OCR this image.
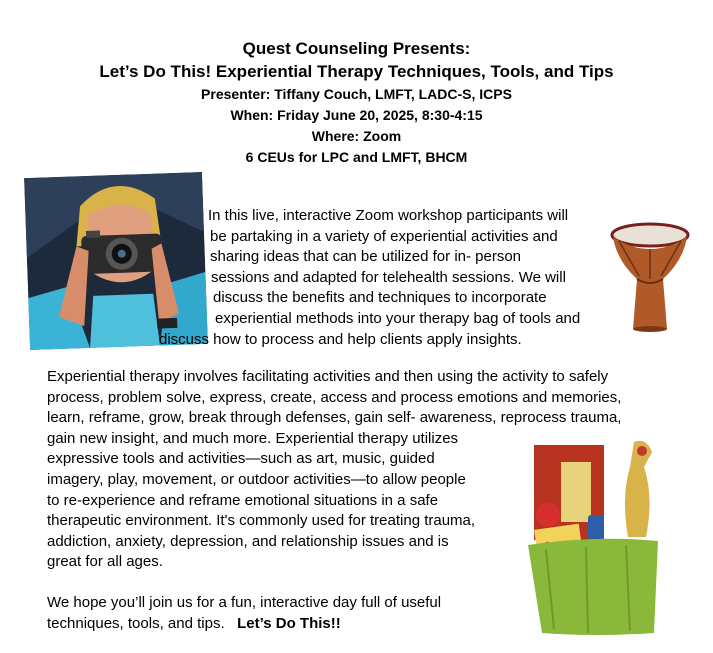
Quest Counseling Presents:
Let’s Do This! Experiential Therapy Techniques, Tools, and Tips
Presenter: Tiffany Couch, LMFT, LADC-S, ICPS
When: Friday June 20, 2025, 8:30-4:15
Where: Zoom
6 CEUs for LPC and LMFT, BHCM
In this live, interactive Zoom workshop participants will
be partaking in a variety of experiential activities and
sharing ideas that can be utilized for in- person
sessions and adapted for telehealth sessions. We will
discuss the benefits and techniques to incorporate
experiential methods into your therapy bag of tools and
discuss how to process and help clients apply insights.
Experiential therapy involves facilitating activities and then using the activity to safely
process, problem solve, express, create, access and process emotions and memories,
learn, reframe, grow, break through defenses, gain self- awareness, reprocess trauma,
gain new insight, and much more. Experiential therapy utilizes
expressive tools and activities—such as art, music, guided
imagery, play, movement, or outdoor activities—to allow people
to re-experience and reframe emotional situations in a safe
therapeutic environment. It's commonly used for treating trauma,
addiction, anxiety, depression, and relationship issues and is
great for all ages.
We hope you’ll join us for a fun, interactive day full of useful
techniques, tools, and tips. Let’s Do This!!
